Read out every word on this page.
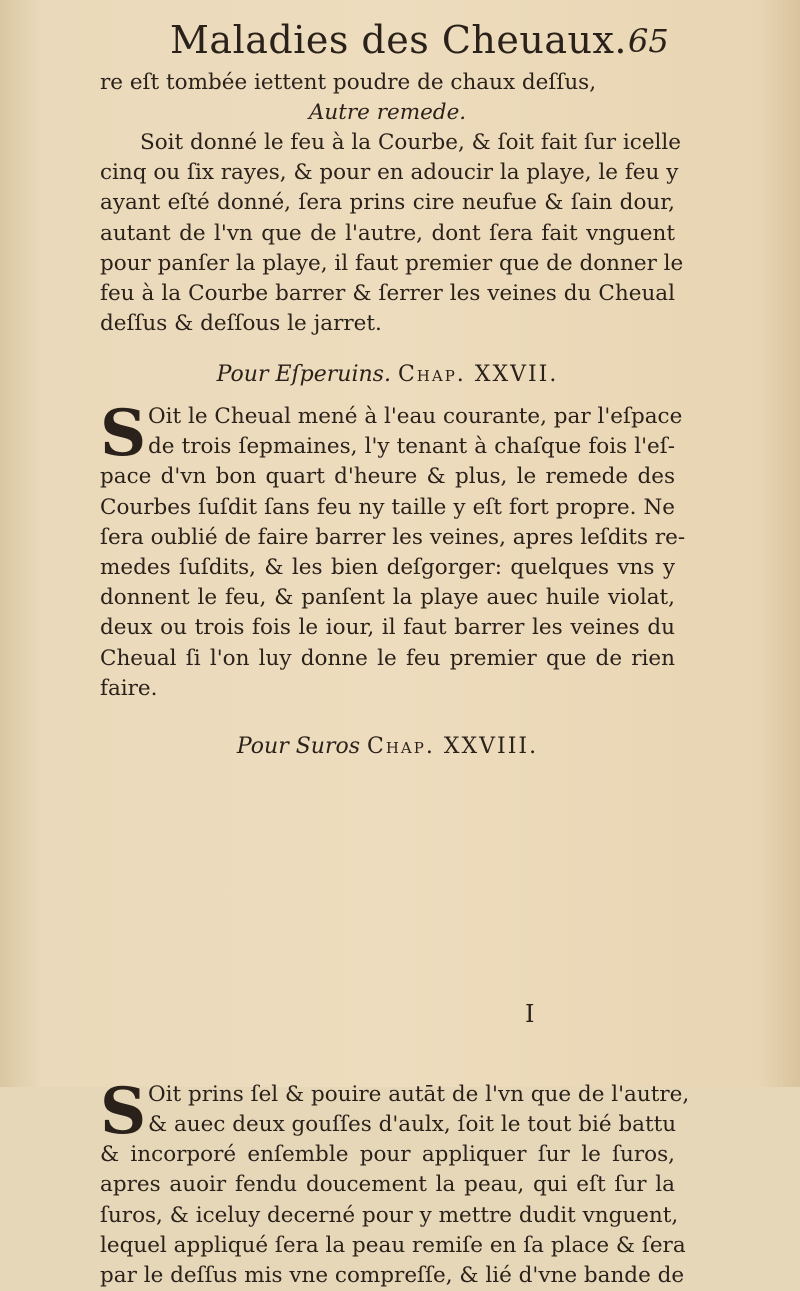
Maladies des Cheuaux. 65
re eſt tombée iettent poudre de chaux deſſus,
Autre remede.
Soit donné le feu à la Courbe, & ſoit fait ſur icelle
cinq ou ſix rayes, & pour en adoucir la playe, le feu y
ayant eſté donné, ſera prins cire neufue & ſain dour,
autant de l'vn que de l'autre, dont ſera fait vnguent
pour panſer la playe, il faut premier que de donner le
feu à la Courbe barrer & ſerrer les veines du Cheual
deſſus & deſſous le jarret.
Pour Eſperuins. Chap. XXVII.
S Oit le Cheual mené à l'eau courante, par l'eſpace
de trois ſepmaines, l'y tenant à chaſque fois l'eſ-
pace d'vn bon quart d'heure & plus, le remede des
Courbes ſuſdit ſans feu ny taille y eſt fort propre. Ne
ſera oublié de faire barrer les veines, apres leſdits re-
medes ſuſdits, & les bien deſgorger: quelques vns y
donnent le feu, & panſent la playe auec huile violat,
deux ou trois fois le iour, il faut barrer les veines du
Cheual ſi l'on luy donne le feu premier que de rien
faire.
Pour Suros Chap. XXVIII.
S Oit prins ſel & pouire autāt de l'vn que de l'autre,
& auec deux gouſſes d'aulx, ſoit le tout bié battu
& incorporé enſemble pour appliquer ſur le ſuros,
apres auoir fendu doucement la peau, qui eſt ſur la
ſuros, & iceluy decerné pour y mettre dudit vnguent,
lequel appliqué ſera la peau remiſe en ſa place & ſera
par le deſſus mis vne compreſſe, & lié d'vne bande de
I
